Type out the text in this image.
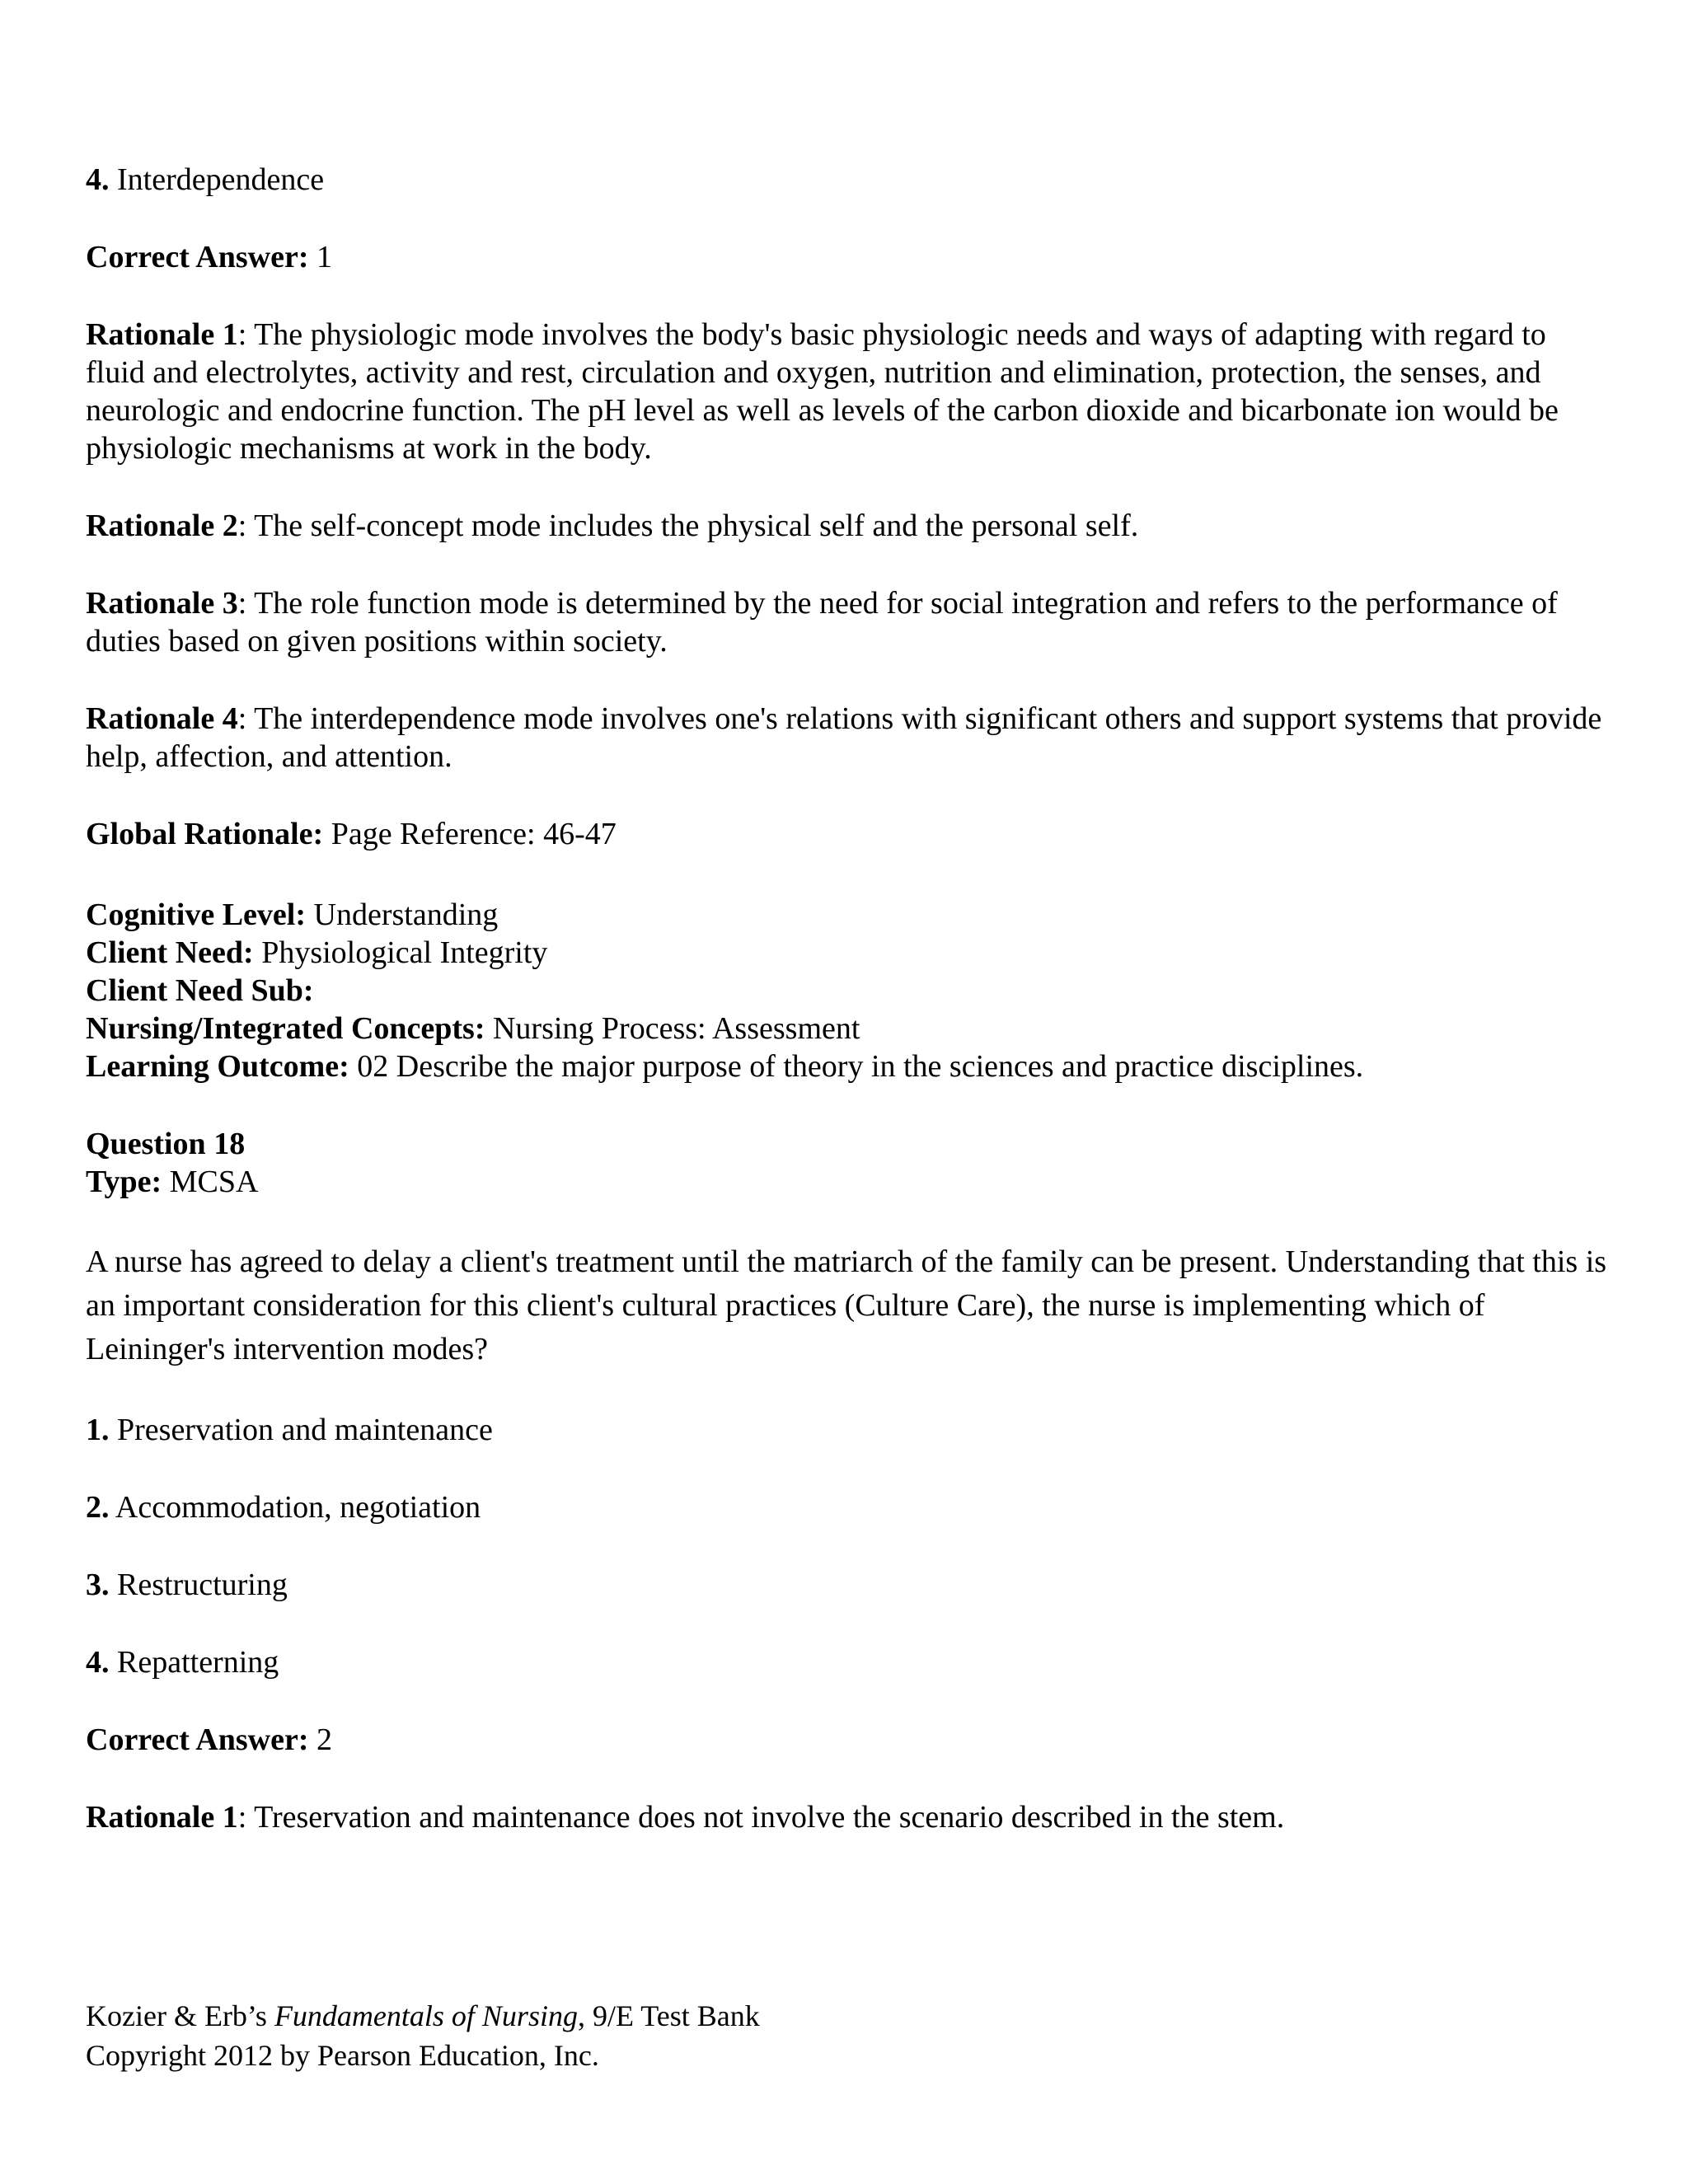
4. Interdependence

Correct Answer: 1

Rationale 1: The physiologic mode involves the body's basic physiologic needs and ways of adapting with regard to fluid and electrolytes, activity and rest, circulation and oxygen, nutrition and elimination, protection, the senses, and neurologic and endocrine function. The pH level as well as levels of the carbon dioxide and bicarbonate ion would be physiologic mechanisms at work in the body.

Rationale 2: The self-concept mode includes the physical self and the personal self.

Rationale 3: The role function mode is determined by the need for social integration and refers to the performance of duties based on given positions within society.

Rationale 4: The interdependence mode involves one's relations with significant others and support systems that provide help, affection, and attention.

Global Rationale: Page Reference: 46-47

Cognitive Level: Understanding

Client Need: Physiological Integrity

Client Need Sub:

Nursing/Integrated Concepts: Nursing Process: Assessment

Learning Outcome: 02 Describe the major purpose of theory in the sciences and practice disciplines.

Question 18

Type: MCSA

A nurse has agreed to delay a client's treatment until the matriarch of the family can be present. Understanding that this is an important consideration for this client's cultural practices (Culture Care), the nurse is implementing which of Leininger's intervention modes?

1. Preservation and maintenance

2. Accommodation, negotiation

3. Restructuring

4. Repatterning

Correct Answer: 2

Rationale 1: Treservation and maintenance does not involve the scenario described in the stem.

Kozier & Erb’s Fundamentals of Nursing, 9/E Test Bank
Copyright 2012 by Pearson Education, Inc.
